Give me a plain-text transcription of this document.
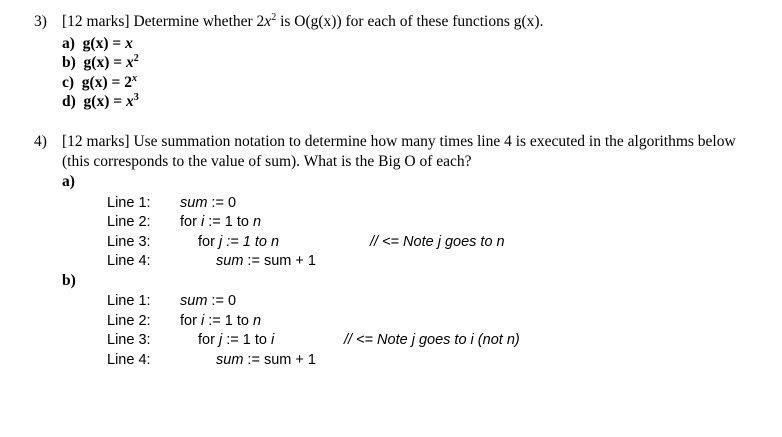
3) [12 marks] Determine whether $2x^2$ is O(g(x)) for each of these functions g(x).
a) g(x) = x
b) $g(x) = x^2$
c) $g(x) = 2^x$
d) $g(x) = x^3$
4) [12 marks] Use summation notation to determine how many times line 4 is executed in the algorithms below
(this corresponds to the value of sum). What is the Big O of each?
a)
Line 1: sum := 0
Line 2: for i := 1 to n
Line 3:	for j := 1 to n	// <= Note j goes to n
Line 4:	sum := sum + 1
b)
Line 1: sum := 0
Line 2: for i := 1 to n
Line 3:	for j := 1 to i	// <= Note j goes to i (not n)
Line 4:	sum := sum + 1
